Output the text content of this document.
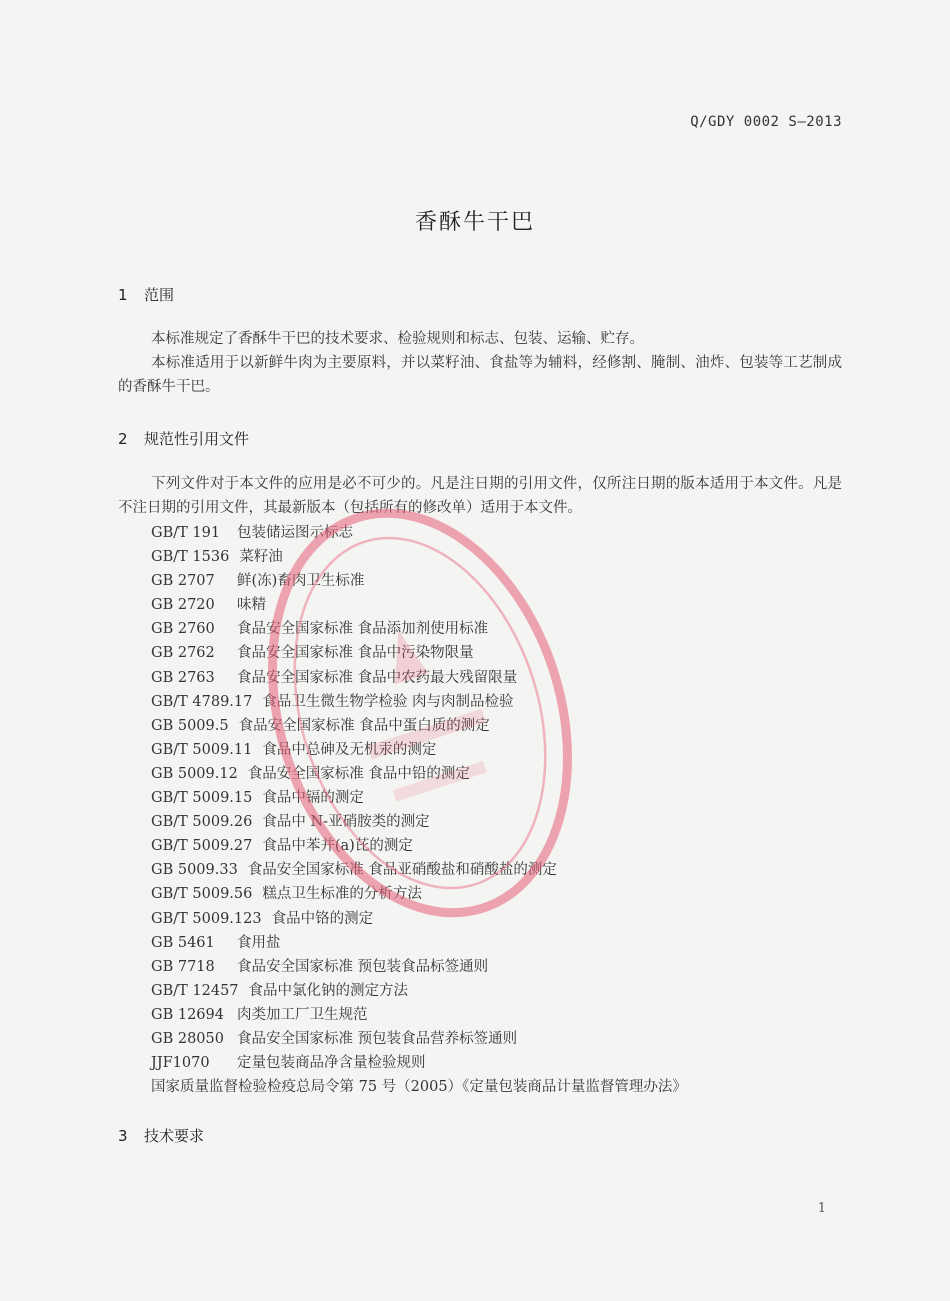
Q/GDY 0002 S—2013
香酥牛干巴
1 范围
本标准规定了香酥牛干巴的技术要求、检验规则和标志、包装、运输、贮存。
本标准适用于以新鲜牛肉为主要原料，并以菜籽油、食盐等为辅料，经修割、腌制、油炸、包装等工艺制成的香酥牛干巴。
2 规范性引用文件
下列文件对于本文件的应用是必不可少的。凡是注日期的引用文件，仅所注日期的版本适用于本文件。凡是不注日期的引用文件，其最新版本（包括所有的修改单）适用于本文件。
GB/T 191 包装储运图示标志
GB/T 1536 菜籽油
GB 2707 鲜(冻)畜肉卫生标准
GB 2720 味精
GB 2760 食品安全国家标准 食品添加剂使用标准
GB 2762 食品安全国家标准 食品中污染物限量
GB 2763 食品安全国家标准 食品中农药最大残留限量
GB/T 4789.17 食品卫生微生物学检验 肉与肉制品检验
GB 5009.5 食品安全国家标准 食品中蛋白质的测定
GB/T 5009.11 食品中总砷及无机汞的测定
GB 5009.12 食品安全国家标准 食品中铅的测定
GB/T 5009.15 食品中镉的测定
GB/T 5009.26 食品中 N-亚硝胺类的测定
GB/T 5009.27 食品中苯并(a)芘的测定
GB 5009.33 食品安全国家标准 食品亚硝酸盐和硝酸盐的测定
GB/T 5009.56 糕点卫生标准的分析方法
GB/T 5009.123 食品中铬的测定
GB 5461 食用盐
GB 7718 食品安全国家标准 预包装食品标签通则
GB/T 12457 食品中氯化钠的测定方法
GB 12694 肉类加工厂卫生规范
GB 28050 食品安全国家标准 预包装食品营养标签通则
JJF1070 定量包装商品净含量检验规则
国家质量监督检验检疫总局令第 75 号（2005）《定量包装商品计量监督管理办法》
3 技术要求
1
